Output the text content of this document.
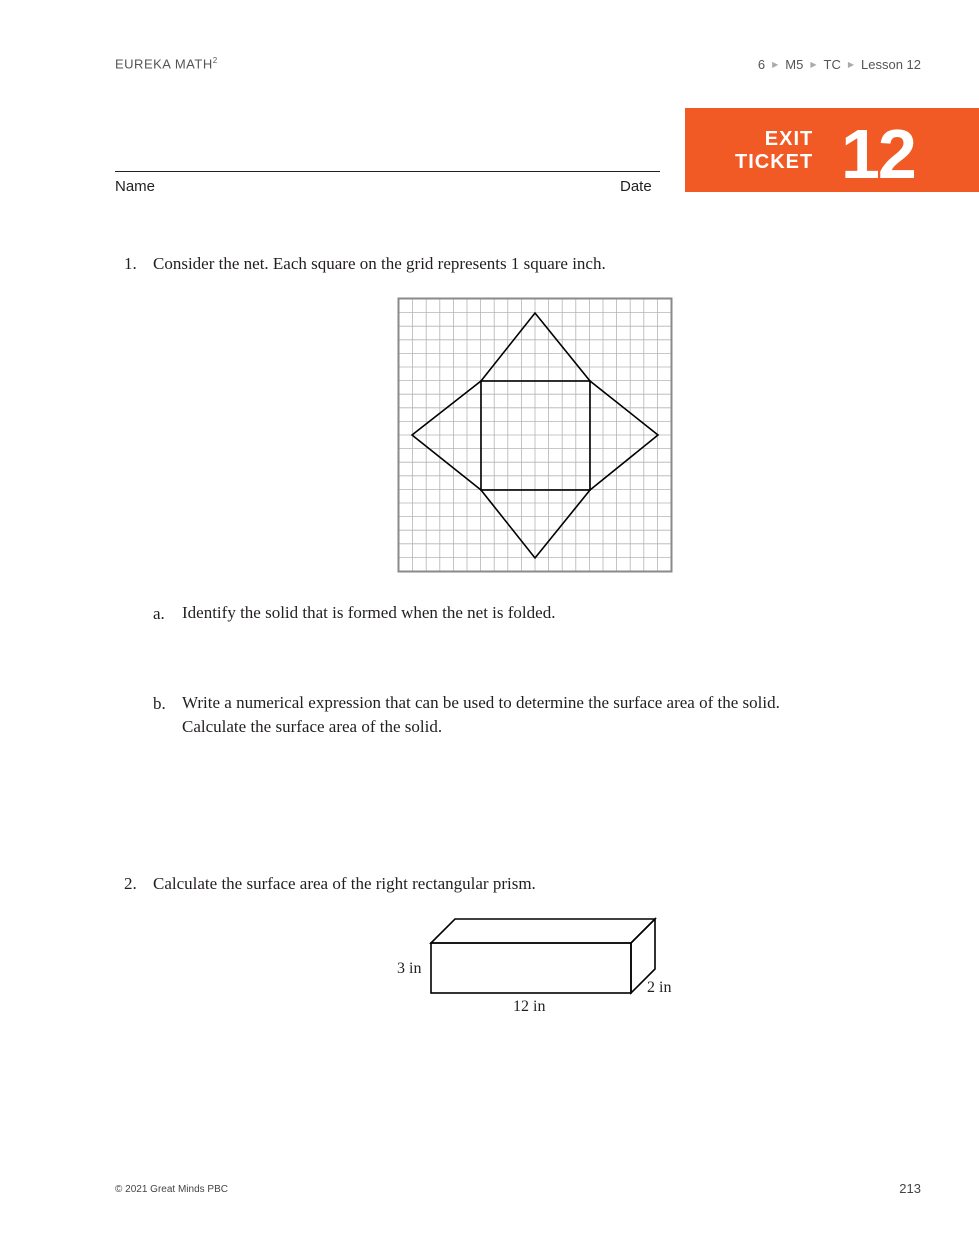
EUREKA MATH$^2$	6 ▶ M5 ▶ TC ▶ Lesson 12
Name	Date
EXIT
TICKET 12
1. Consider the net. Each square on the grid represents 1 square inch.
a. Identify the solid that is formed when the net is folded.
b. Write a numerical expression that can be used to determine the surface area of the solid.
Calculate the surface area of the solid.
2. Calculate the surface area of the right rectangular prism.
3 in
12 in
2 in
© 2021 Great Minds PBC	213
